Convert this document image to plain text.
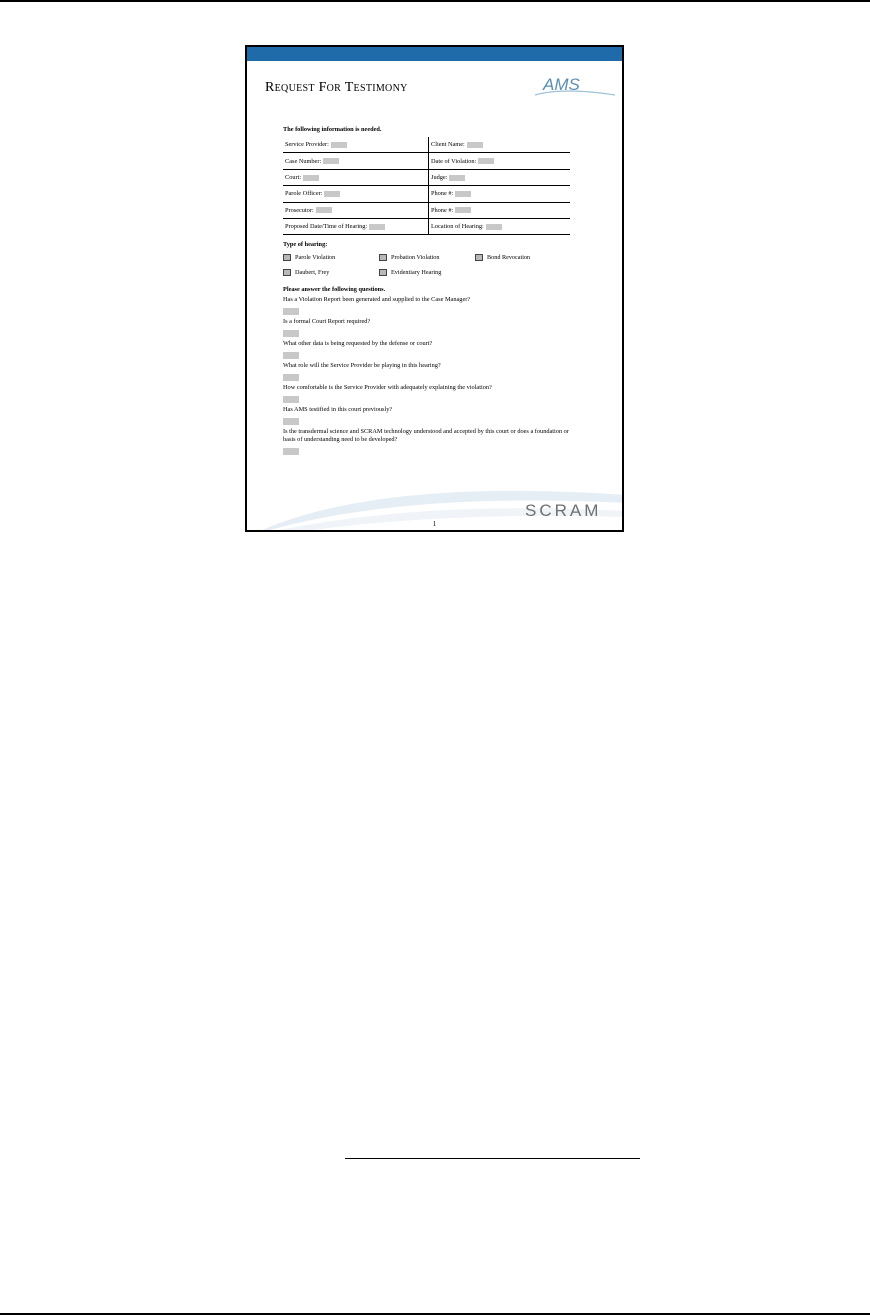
Request For Testimony	AMS
The following information is needed.
Service Provider:	Client Name:
Case Number:	Date of Violation:
Court:	Judge:
Parole Officer:	Phone #:
Prosecutor:	Phone #:
Proposed Date/Time of Hearing:	Location of Hearing:
Type of hearing:
Parole Violation	Probation Violation	Bond Revocation
Daubert, Frey	Evidentiary Hearing
Please answer the following questions.
Has a Violation Report been generated and supplied to the Case Manager?
Is a formal Court Report required?
What other data is being requested by the defense or court?
What role will the Service Provider be playing in this hearing?
How comfortable is the Service Provider with adequately explaining the violation?
Has AMS testified in this court previously?
Is the transdermal science and SCRAM technology understood and accepted by this court or does a foundation or basis of understanding need to be developed?
SCRAM
1
